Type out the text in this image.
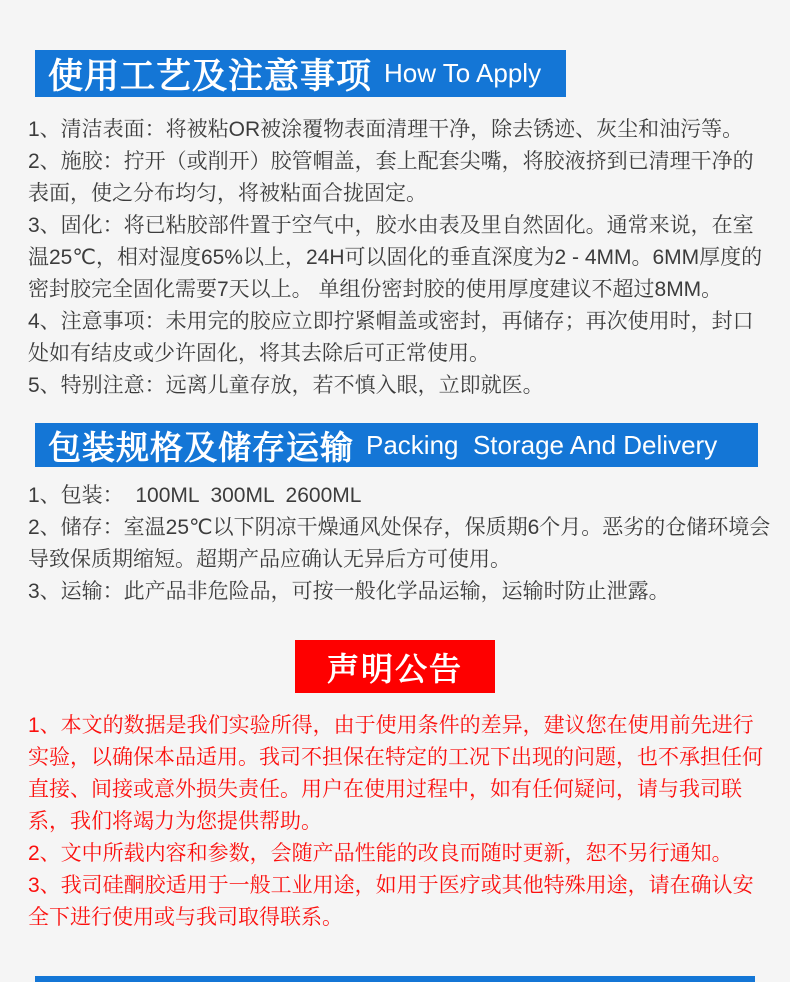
使用工艺及注意事项 How To Apply

1、清洁表面：将被粘OR被涂覆物表面清理干净，除去锈迹、灰尘和油污等。

2、施胶：拧开（或削开）胶管帽盖，套上配套尖嘴，将胶液挤到已清理干净的表面，使之分布均匀，将被粘面合拢固定。

3、固化：将已粘胶部件置于空气中，胶水由表及里自然固化。通常来说，在室温25℃，相对湿度65%以上，24H可以固化的垂直深度为2 - 4MM。6MM厚度的密封胶完全固化需要7天以上。 单组份密封胶的使用厚度建议不超过8MM。

4、注意事项：未用完的胶应立即拧紧帽盖或密封，再储存；再次使用时，封口处如有结皮或少许固化，将其去除后可正常使用。

5、特别注意：远离儿童存放，若不慎入眼，立即就医。

包装规格及储存运输 Packing  Storage And Delivery

1、包装：  100ML  300ML  2600ML

2、储存：室温25℃以下阴凉干燥通风处保存，保质期6个月。恶劣的仓储环境会导致保质期缩短。超期产品应确认无异后方可使用。

3、运输：此产品非危险品，可按一般化学品运输，运输时防止泄露。

声明公告

1、本文的数据是我们实验所得，由于使用条件的差异，建议您在使用前先进行实验，以确保本品适用。我司不担保在特定的工况下出现的问题，也不承担任何直接、间接或意外损失责任。用户在使用过程中，如有任何疑问，请与我司联系，我们将竭力为您提供帮助。

2、文中所载内容和参数，会随产品性能的改良而随时更新，恕不另行通知。

3、我司硅酮胶适用于一般工业用途，如用于医疗或其他特殊用途，请在确认安全下进行使用或与我司取得联系。
